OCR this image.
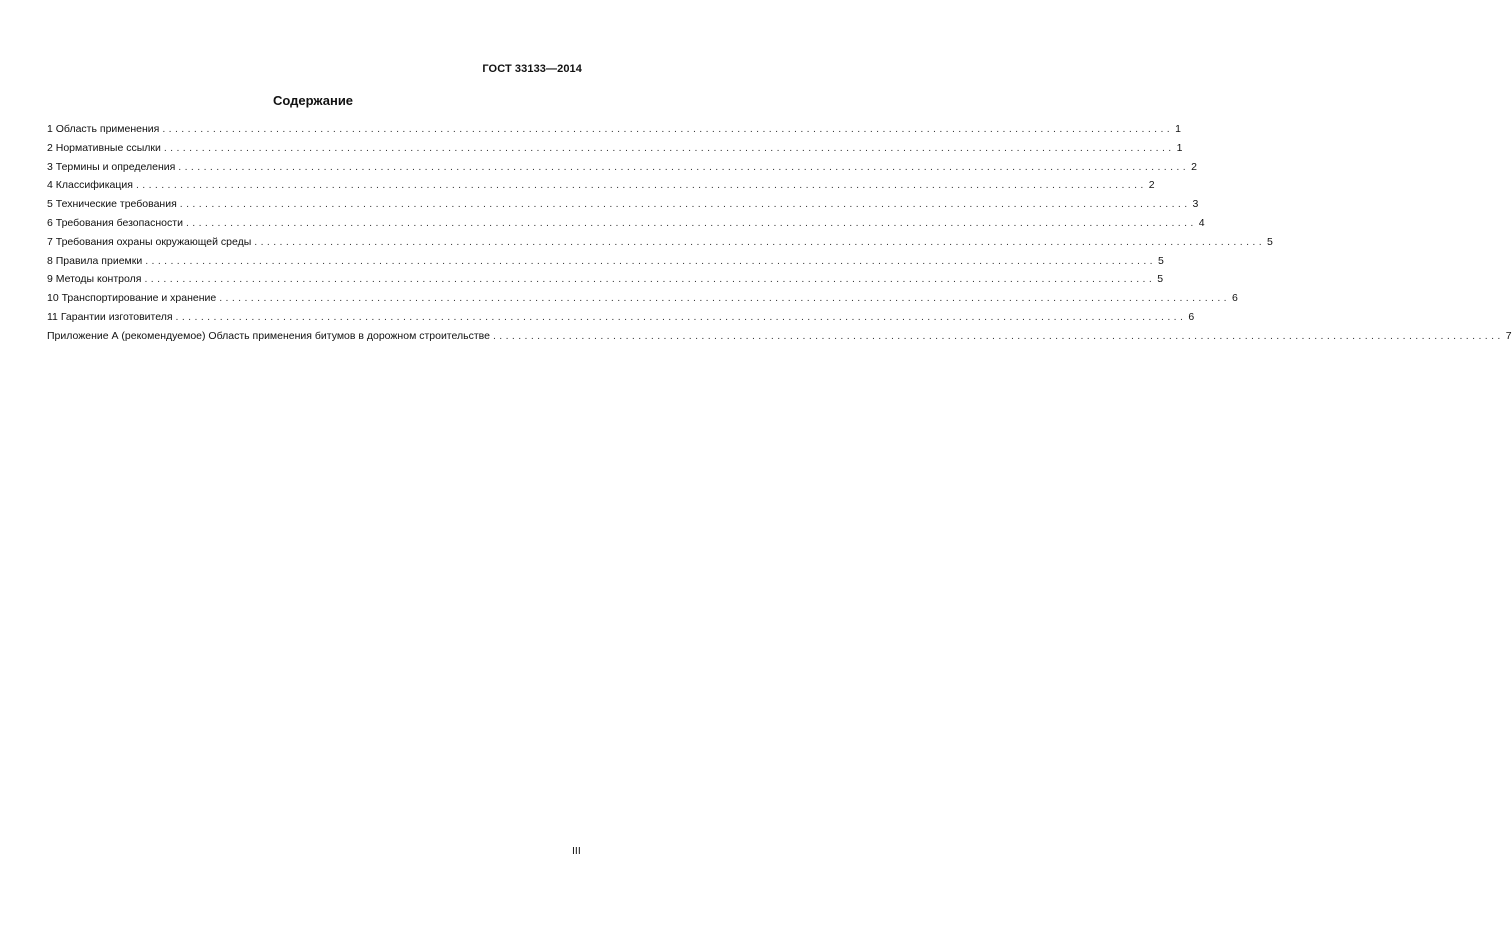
ГОСТ 33133—2014
Содержание
1 Область применения ................................................................................................................................................................ 1
2 Нормативные ссылки ................................................................................................................................................................ 1
3 Термины и определения ................................................................................................................................................................ 2
4 Классификация ................................................................................................................................................................ 2
5 Технические требования ................................................................................................................................................................ 3
6 Требования безопасности ................................................................................................................................................................ 4
7 Требования охраны окружающей среды ................................................................................................................................................................ 5
8 Правила приемки ................................................................................................................................................................ 5
9 Методы контроля ................................................................................................................................................................ 5
10 Транспортирование и хранение ................................................................................................................................................................ 6
11 Гарантии изготовителя ................................................................................................................................................................ 6
Приложение А (рекомендуемое) Область применения битумов в дорожном строительстве ................................................................................................................................................................ 7
III
